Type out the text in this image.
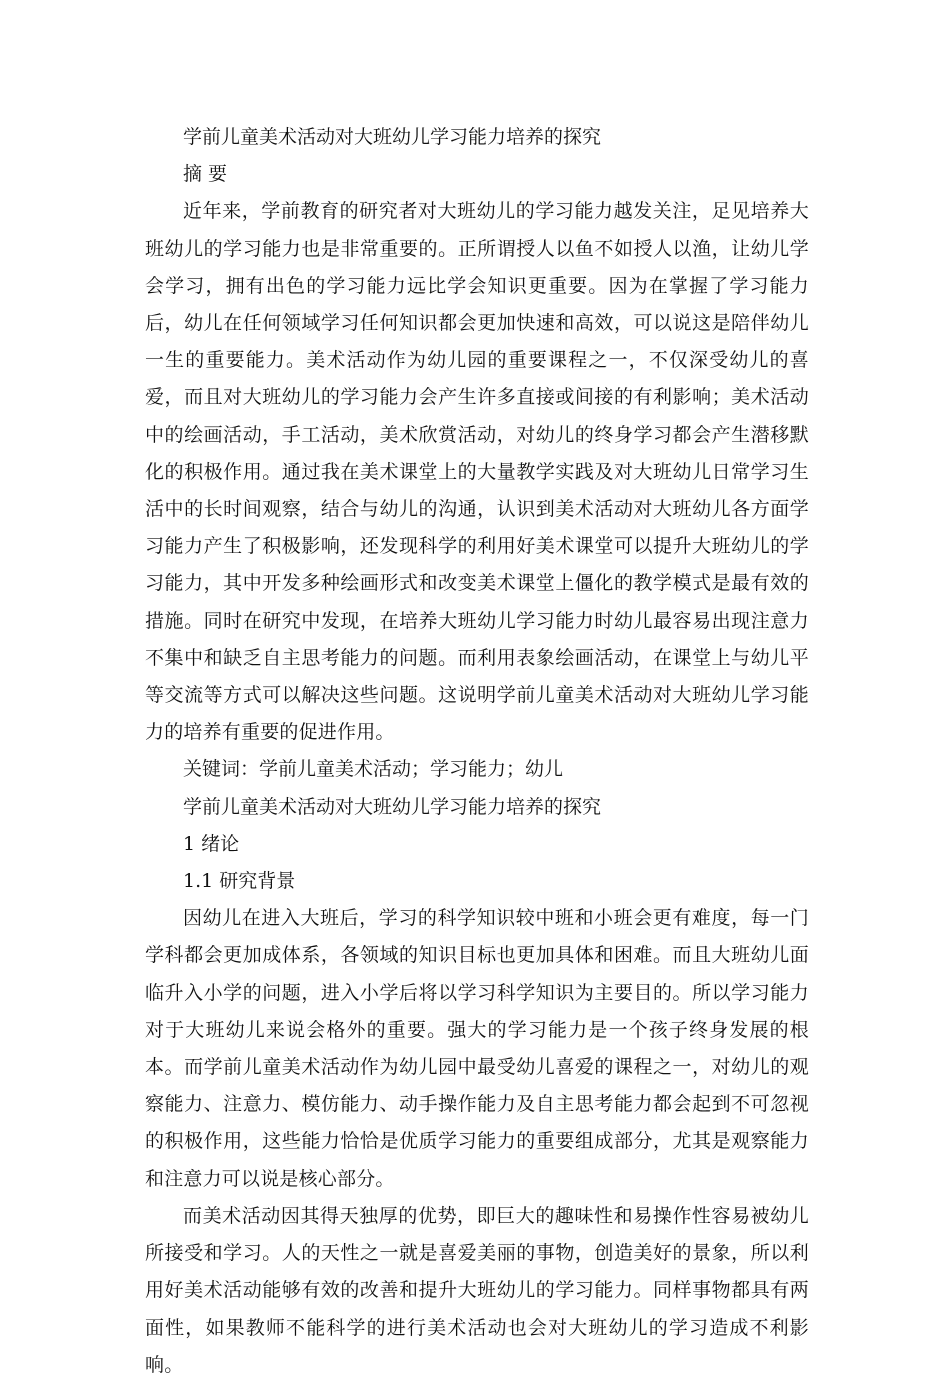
学前儿童美术活动对大班幼儿学习能力培养的探究

摘 要

近年来，学前教育的研究者对大班幼儿的学习能力越发关注，足见培养大班幼儿的学习能力也是非常重要的。正所谓授人以鱼不如授人以渔，让幼儿学会学习，拥有出色的学习能力远比学会知识更重要。因为在掌握了学习能力后，幼儿在任何领域学习任何知识都会更加快速和高效，可以说这是陪伴幼儿一生的重要能力。美术活动作为幼儿园的重要课程之一，不仅深受幼儿的喜爱，而且对大班幼儿的学习能力会产生许多直接或间接的有利影响；美术活动中的绘画活动，手工活动，美术欣赏活动，对幼儿的终身学习都会产生潜移默化的积极作用。通过我在美术课堂上的大量教学实践及对大班幼儿日常学习生活中的长时间观察，结合与幼儿的沟通，认识到美术活动对大班幼儿各方面学习能力产生了积极影响，还发现科学的利用好美术课堂可以提升大班幼儿的学习能力，其中开发多种绘画形式和改变美术课堂上僵化的教学模式是最有效的措施。同时在研究中发现，在培养大班幼儿学习能力时幼儿最容易出现注意力不集中和缺乏自主思考能力的问题。而利用表象绘画活动，在课堂上与幼儿平等交流等方式可以解决这些问题。这说明学前儿童美术活动对大班幼儿学习能力的培养有重要的促进作用。

关键词：学前儿童美术活动；学习能力；幼儿

学前儿童美术活动对大班幼儿学习能力培养的探究

1 绪论

1.1 研究背景

因幼儿在进入大班后，学习的科学知识较中班和小班会更有难度，每一门学科都会更加成体系，各领域的知识目标也更加具体和困难。而且大班幼儿面临升入小学的问题，进入小学后将以学习科学知识为主要目的。所以学习能力对于大班幼儿来说会格外的重要。强大的学习能力是一个孩子终身发展的根本。而学前儿童美术活动作为幼儿园中最受幼儿喜爱的课程之一，对幼儿的观察能力、注意力、模仿能力、动手操作能力及自主思考能力都会起到不可忽视的积极作用，这些能力恰恰是优质学习能力的重要组成部分，尤其是观察能力和注意力可以说是核心部分。

而美术活动因其得天独厚的优势，即巨大的趣味性和易操作性容易被幼儿所接受和学习。人的天性之一就是喜爱美丽的事物，创造美好的景象，所以利用好美术活动能够有效的改善和提升大班幼儿的学习能力。同样事物都具有两面性，如果教师不能科学的进行美术活动也会对大班幼儿的学习造成不利影响。
